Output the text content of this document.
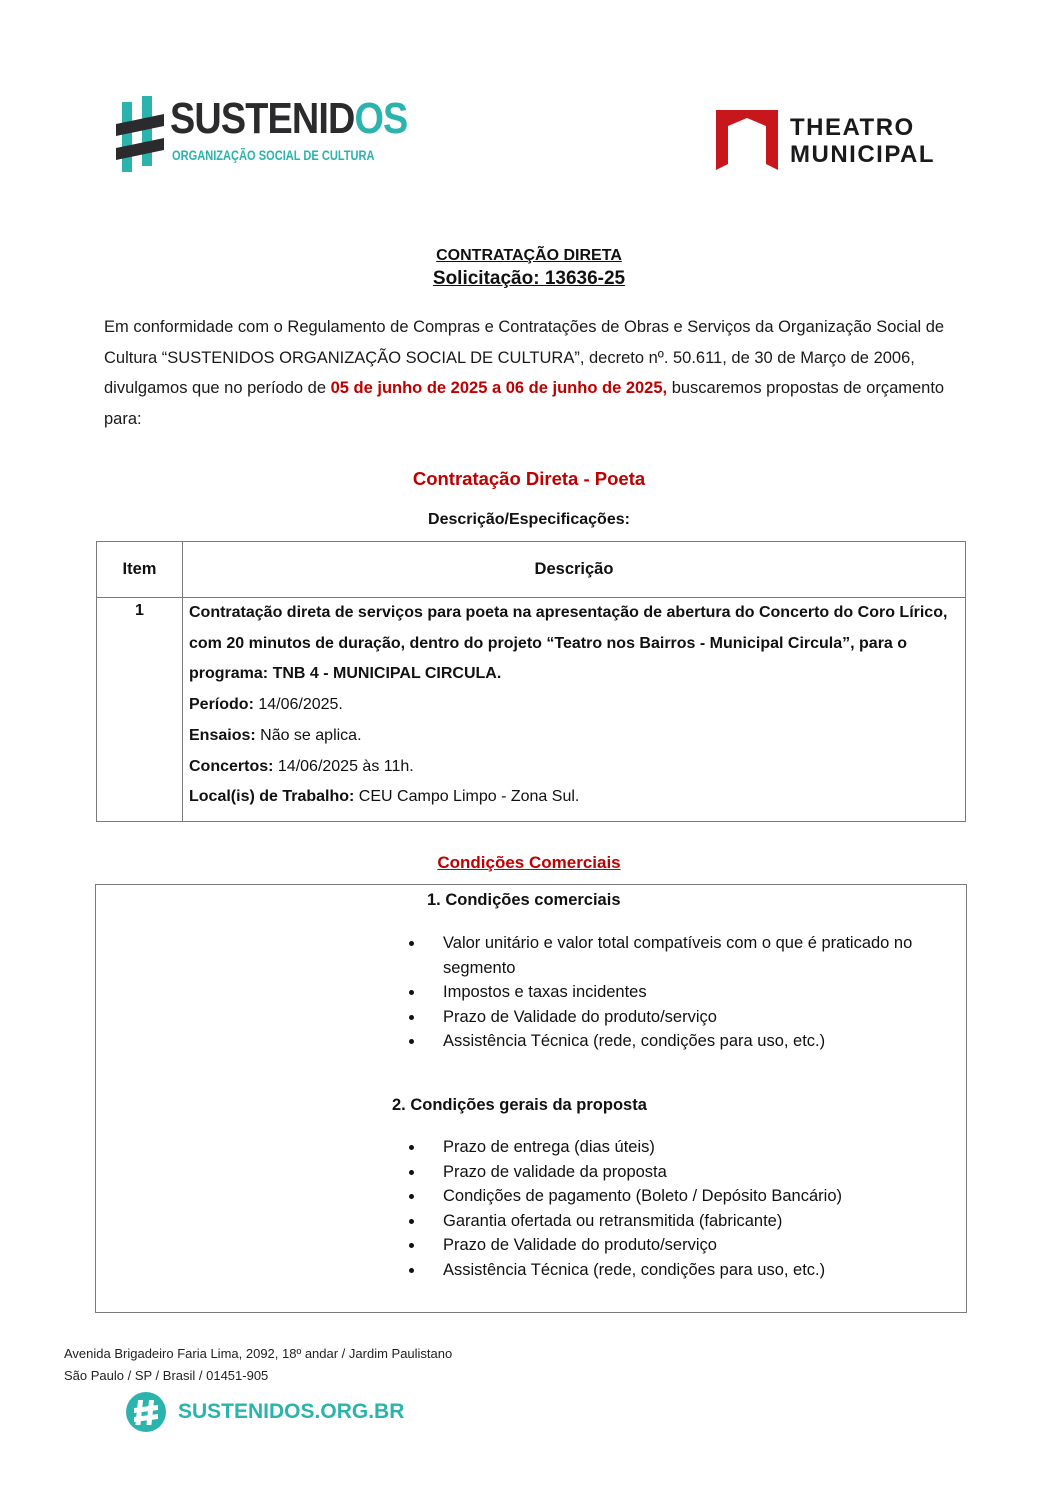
SUSTENIDOS
ORGANIZAÇÃO SOCIAL DE CULTURA
THEATRO
MUNICIPAL
CONTRATAÇÃO DIRETA
Solicitação: 13636-25
Em conformidade com o Regulamento de Compras e Contratações de Obras e Serviços da Organização Social de Cultura “SUSTENIDOS ORGANIZAÇÃO SOCIAL DE CULTURA”, decreto nº. 50.611, de 30 de Março de 2006, divulgamos que no período de 05 de junho de 2025 a 06 de junho de 2025, buscaremos propostas de orçamento para:
Contratação Direta - Poeta
Descrição/Especificações:
Item	Descrição
1	Contratação direta de serviços para poeta na apresentação de abertura do Concerto do Coro Lírico, com 20 minutos de duração, dentro do projeto “Teatro nos Bairros - Municipal Circula”, para o programa: TNB 4 - MUNICIPAL CIRCULA.
Período: 14/06/2025.
Ensaios: Não se aplica.
Concertos: 14/06/2025 às 11h.
Local(is) de Trabalho: CEU Campo Limpo - Zona Sul.
Condições Comerciais
1. Condições comerciais
Valor unitário e valor total compatíveis com o que é praticado no segmento
Impostos e taxas incidentes
Prazo de Validade do produto/serviço
Assistência Técnica (rede, condições para uso, etc.)
2. Condições gerais da proposta
Prazo de entrega (dias úteis)
Prazo de validade da proposta
Condições de pagamento (Boleto / Depósito Bancário)
Garantia ofertada ou retransmitida (fabricante)
Prazo de Validade do produto/serviço
Assistência Técnica (rede, condições para uso, etc.)
Avenida Brigadeiro Faria Lima, 2092, 18º andar / Jardim Paulistano
São Paulo / SP / Brasil / 01451-905
SUSTENIDOS.ORG.BR
